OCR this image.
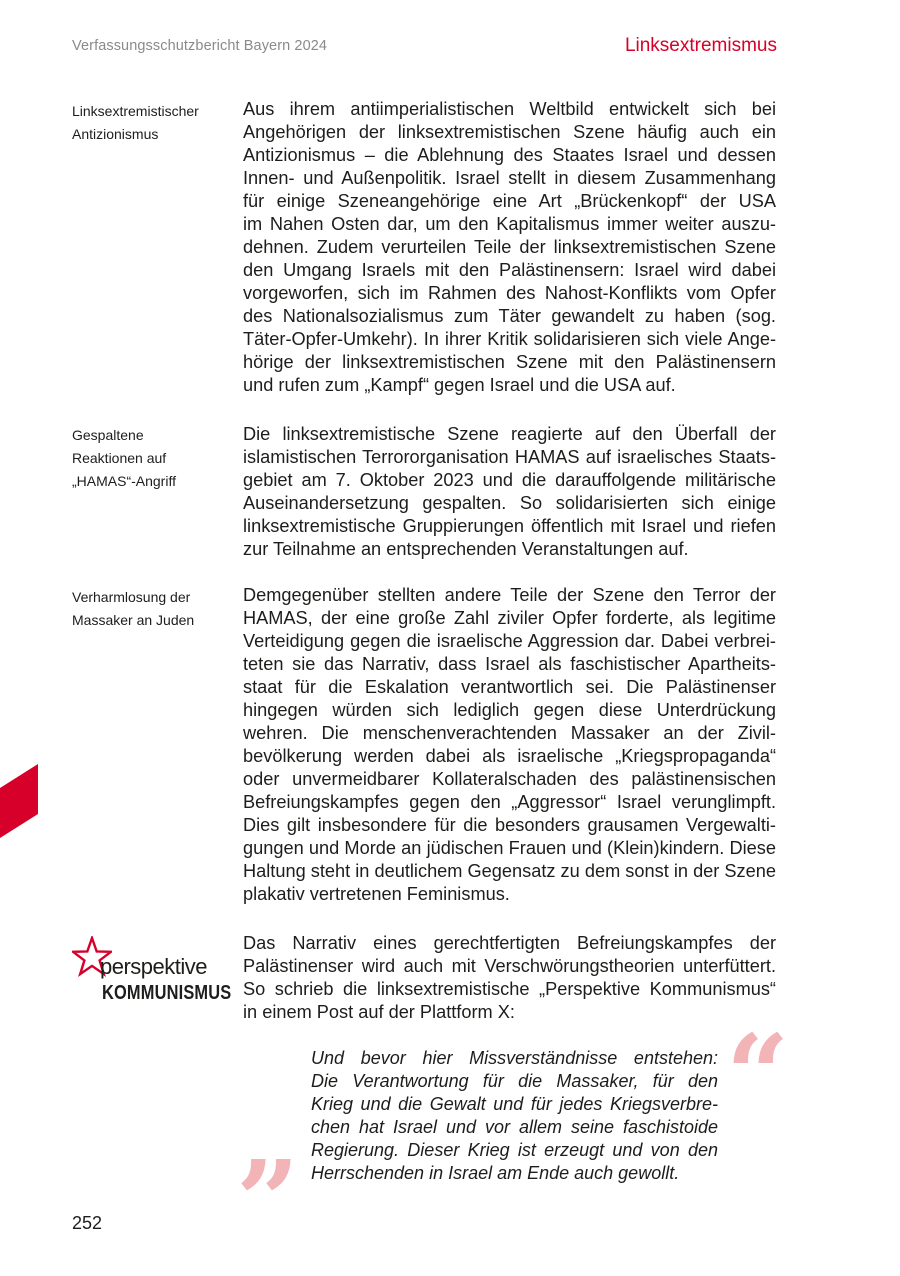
Verfassungsschutzbericht Bayern 2024	Linksextremismus
Linksextremistischer
Antizionismus
Aus ihrem antiimperialistischen Weltbild entwickelt sich bei
Angehörigen der linksextremistischen Szene häufig auch ein
Antizionismus – die Ablehnung des Staates Israel und dessen
Innen- und Außenpolitik. Israel stellt in diesem Zusammenhang
für einige Szeneangehörige eine Art „Brückenkopf“ der USA
im Nahen Osten dar, um den Kapitalismus immer weiter auszu-
dehnen. Zudem verurteilen Teile der linksextremistischen Szene
den Umgang Israels mit den Palästinensern: Israel wird dabei
vorgeworfen, sich im Rahmen des Nahost-Konflikts vom Opfer
des Nationalsozialismus zum Täter gewandelt zu haben (sog.
Täter-Opfer-Umkehr). In ihrer Kritik solidarisieren sich viele Ange-
hörige der linksextremistischen Szene mit den Palästinensern
und rufen zum „Kampf“ gegen Israel und die USA auf.
Gespaltene
Reaktionen auf
„HAMAS“-Angriff
Die linksextremistische Szene reagierte auf den Überfall der
islamistischen Terrororganisation HAMAS auf israelisches Staats-
gebiet am 7. Oktober 2023 und die darauffolgende militärische
Auseinandersetzung gespalten. So solidarisierten sich einige
linksextremistische Gruppierungen öffentlich mit Israel und riefen
zur Teilnahme an entsprechenden Veranstaltungen auf.
Verharmlosung der
Massaker an Juden
Demgegenüber stellten andere Teile der Szene den Terror der
HAMAS, der eine große Zahl ziviler Opfer forderte, als legitime
Verteidigung gegen die israelische Aggression dar. Dabei verbrei-
teten sie das Narrativ, dass Israel als faschistischer Apartheits-
staat für die Eskalation verantwortlich sei. Die Palästinenser
hingegen würden sich lediglich gegen diese Unterdrückung
wehren. Die menschenverachtenden Massaker an der Zivil-
bevölkerung werden dabei als israelische „Kriegspropaganda“
oder unvermeidbarer Kollateralschaden des palästinensischen
Befreiungskampfes gegen den „Aggressor“ Israel verunglimpft.
Dies gilt insbesondere für die besonders grausamen Vergewalti-
gungen und Morde an jüdischen Frauen und (Klein)kindern. Diese
Haltung steht in deutlichem Gegensatz zu dem sonst in der Szene
plakativ vertretenen Feminismus.
perspektive
KOMMUNISMUS
Das Narrativ eines gerechtfertigten Befreiungskampfes der
Palästinenser wird auch mit Verschwörungstheorien unterfüttert.
So schrieb die linksextremistische „Perspektive Kommunismus“
in einem Post auf der Plattform X:	“
Und bevor hier Missverständnisse entstehen:
Die Verantwortung für die Massaker, für den
Krieg und die Gewalt und für jedes Kriegsverbre-
chen hat Israel und vor allem seine faschistoide
Regierung. Dieser Krieg ist erzeugt und von den
Herrschenden in Israel am Ende auch gewollt.
”
252
